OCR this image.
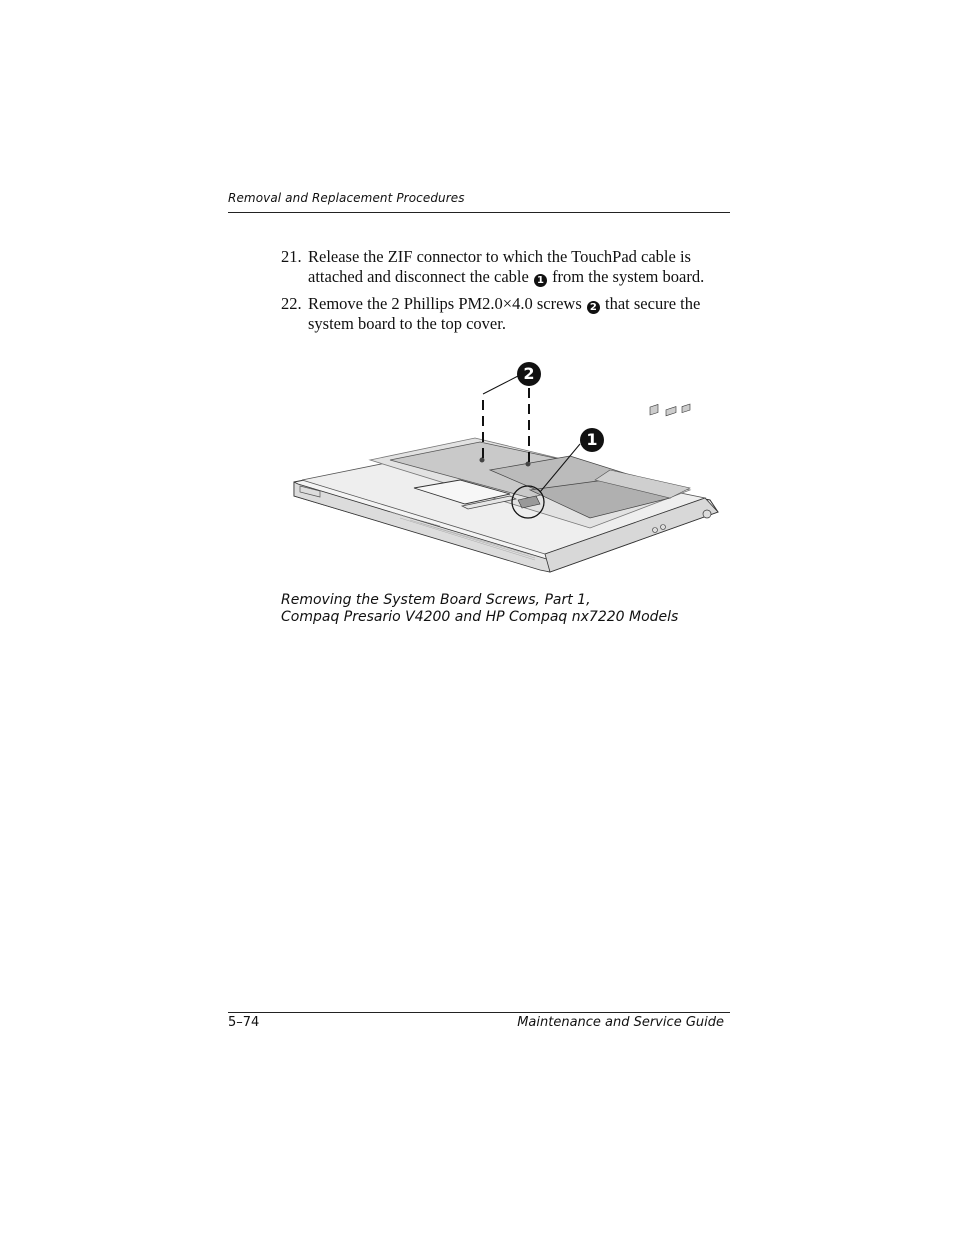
Removal and Replacement Procedures
21. Release the ZIF connector to which the TouchPad cable is
attached and disconnect the cable 1 from the system board.
22. Remove the 2 Phillips PM2.0×4.0 screws 2 that secure the
system board to the top cover.
2
1
Removing the System Board Screws, Part 1,
Compaq Presario V4200 and HP Compaq nx7220 Models
5–74	Maintenance and Service Guide
